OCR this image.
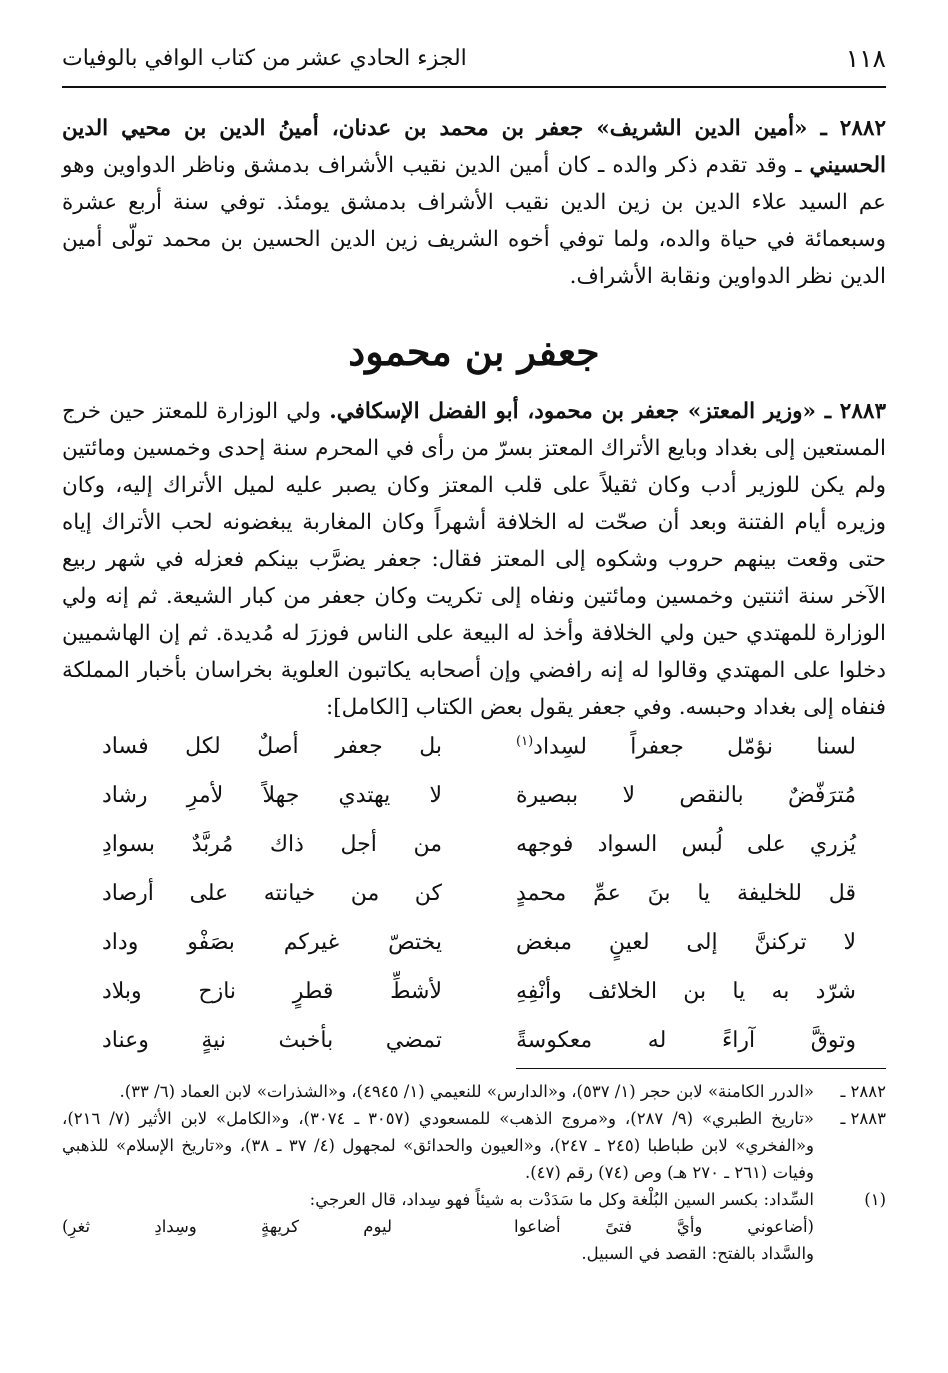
١١٨
الجزء الحادي عشر من كتاب الوافي بالوفيات
٢٨٨٢ ـ «أمين الدين الشريف» جعفر بن محمد بن عدنان، أمينُ الدين بن محيي الدين الحسيني ـ وقد تقدم ذكر والده ـ كان أمين الدين نقيب الأشراف بدمشق وناظر الدواوين وهو عم السيد علاء الدين بن زين الدين نقيب الأشراف بدمشق يومئذ. توفي سنة أربع عشرة وسبعمائة في حياة والده، ولما توفي أخوه الشريف زين الدين الحسين بن محمد تولّى أمين الدين نظر الدواوين ونقابة الأشراف.
جعفر بن محمود
٢٨٨٣ ـ «وزير المعتز» جعفر بن محمود، أبو الفضل الإسكافي. ولي الوزارة للمعتز حين خرج المستعين إلى بغداد وبايع الأتراك المعتز بسرّ من رأى في المحرم سنة إحدى وخمسين ومائتين ولم يكن للوزير أدب وكان ثقيلاً على قلب المعتز وكان يصبر عليه لميل الأتراك إليه، وكان وزيره أيام الفتنة وبعد أن صحّت له الخلافة أشهراً وكان المغاربة يبغضونه لحب الأتراك إياه حتى وقعت بينهم حروب وشكوه إلى المعتز فقال: جعفر يضرَّب بينكم فعزله في شهر ربيع الآخر سنة اثنتين وخمسين ومائتين ونفاه إلى تكريت وكان جعفر من كبار الشيعة. ثم إنه ولي الوزارة للمهتدي حين ولي الخلافة وأخذ له البيعة على الناس فوزرَ له مُديدة. ثم إن الهاشميين دخلوا على المهتدي وقالوا له إنه رافضي وإن أصحابه يكاتبون العلوية بخراسان بأخبار المملكة فنفاه إلى بغداد وحبسه. وفي جعفر يقول بعض الكتاب [الكامل]:
لسنا نؤمّل جعفراً لسِداد$^{(١)}$
بل جعفر أصلٌ لكل فساد
مُترَفّضٌ بالنقص لا ببصيرة
لا يهتدي جهلاً لأمرِ رشاد
يُزري على لُبس السواد فوجهه
من أجل ذاك مُربَّدٌ بسوادِ
قل للخليفة يا بنَ عمِّ محمدٍ
كن من خيانته على أرصاد
لا تركننَّ إلى لعينٍ مبغض
يختصّ غيركم بصَفْو وداد
شرّد به يا بن الخلائف وأنْفِهِ
لأشطِّ قطرٍ نازح وبلاد
وتوقَّ آراءً له معكوسةً
تمضي بأخبث نيةٍ وعناد
٢٨٨٢ ـ
«الدرر الكامنة» لابن حجر (١/ ٥٣٧)، و«الدارس» للنعيمي (١/ ٤٩٤٥)، و«الشذرات» لابن العماد (٦/ ٣٣).
٢٨٨٣ ـ
«تاريخ الطبري» (٩/ ٢٨٧)، و«مروج الذهب» للمسعودي (٣٠٥٧ ـ ٣٠٧٤)، و«الكامل» لابن الأثير (٧/ ٢١٦)، و«الفخري» لابن طباطبا (٢٤٥ ـ ٢٤٧)، و«العيون والحدائق» لمجهول (٤/ ٣٧ ـ ٣٨)، و«تاريخ الإسلام» للذهبي وفيات (٢٦١ ـ ٢٧٠ هـ) وص (٧٤) رقم (٤٧).
(١)
السِّداد: بكسر السين البُلْغة وكل ما سَدَدْت به شيئاً فهو سِداد، قال العرجي:
(أضاعوني وأيَّ فتىً أضاعوا
ليوم كريهةٍ وسِدادِ ثغرِ)
والسَّداد بالفتح: القصد في السبيل.
